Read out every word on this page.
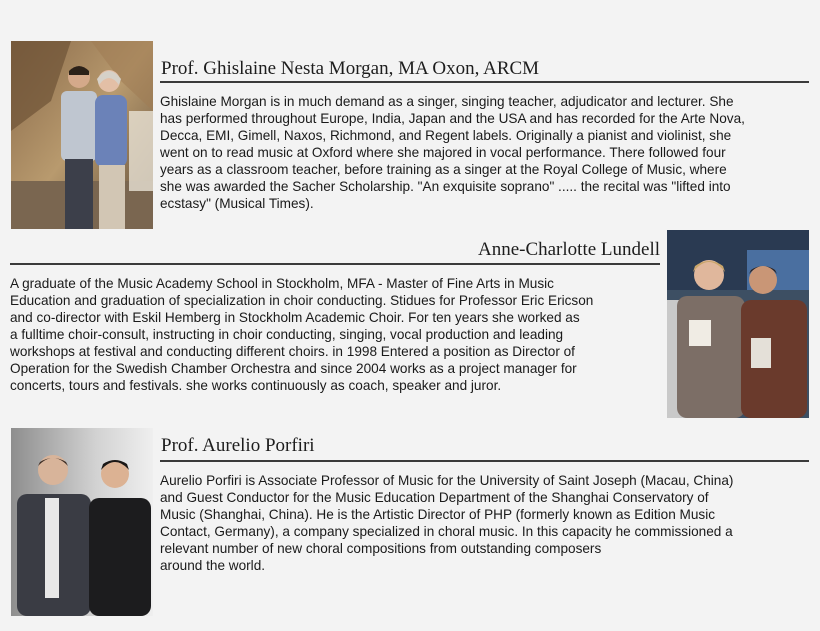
Prof. Ghislaine Nesta Morgan, MA Oxon, ARCM

Ghislaine Morgan is in much demand as a singer, singing teacher, adjudicator and lecturer. She
has performed throughout Europe, India, Japan and the USA and has recorded for the Arte Nova,
Decca, EMI, Gimell, Naxos, Richmond, and Regent labels. Originally a pianist and violinist, she
went on to read music at Oxford where she majored in vocal performance. There followed four
years as a classroom teacher, before training as a singer at the Royal College of Music, where
she was awarded the Sacher Scholarship. "An exquisite soprano" ..... the recital was "lifted into
ecstasy" (Musical Times).

Anne-Charlotte Lundell

A graduate of the Music Academy School in Stockholm, MFA - Master of Fine Arts in Music
Education and graduation of specialization in choir conducting. Stidues for Professor Eric Ericson
and co-director with Eskil Hemberg in Stockholm Academic Choir. For ten years she worked as
a fulltime choir-consult, instructing in choir conducting, singing, vocal production and leading
workshops at festival and conducting different choirs. in 1998 Entered a position as Director of
Operation for the Swedish Chamber Orchestra and since 2004 works as a project manager for
concerts, tours and festivals. she works continuously as coach, speaker and juror.

Prof. Aurelio Porfiri

Aurelio Porfiri is Associate Professor of Music for the University of Saint Joseph (Macau, China)
and Guest Conductor for the Music Education Department of the Shanghai Conservatory of
Music (Shanghai, China). He is the Artistic Director of PHP (formerly known as Edition Music
Contact, Germany), a company specialized in choral music. In this capacity he commissioned a
relevant number of new choral compositions from outstanding composers
around the world.
